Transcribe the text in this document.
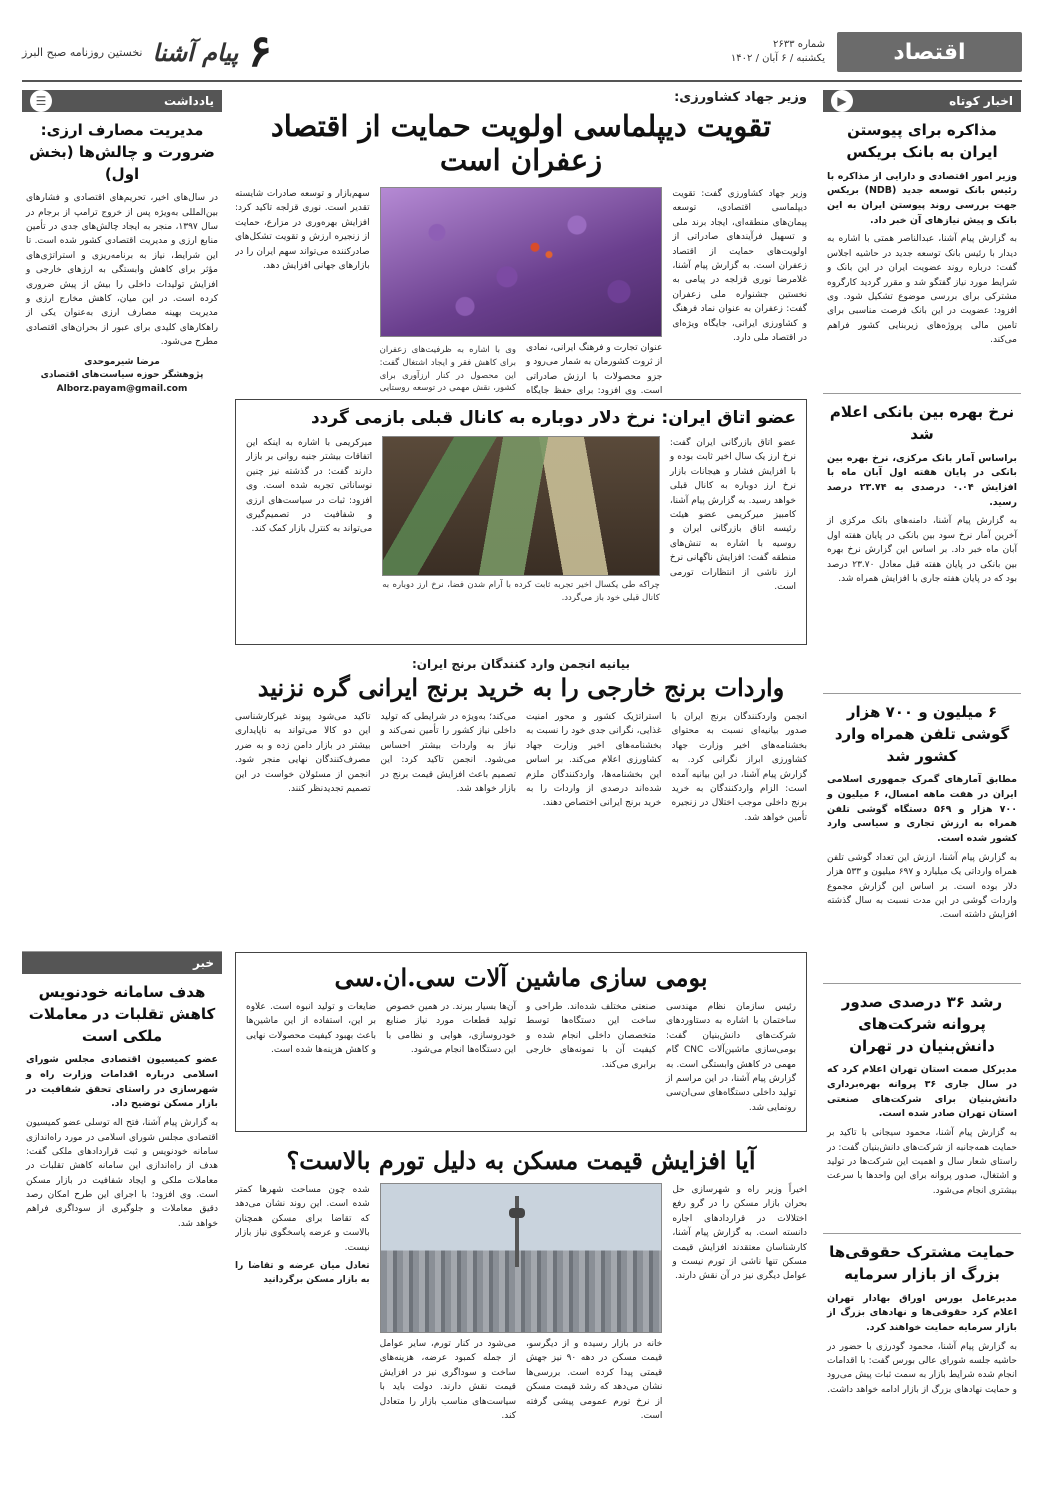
اقتصاد
شماره ۲۶۳۳
یکشنبه / ۶ آبان / ۱۴۰۲
۶
پیام آشنا
نخستین روزنامه صبح البرز
اخبار کوتاه
▶
مذاکره برای پیوستن ایران به بانک بریکس
وزیر امور اقتصادی و دارایی از مذاکره با رئیس بانک توسعه جدید (NDB) بریکس جهت بررسی روند پیوستن ایران به این بانک و پیش نیازهای آن خبر داد.
به گزارش پیام آشنا، عبدالناصر همتی با اشاره به دیدار با رئیس بانک توسعه جدید در حاشیه اجلاس گفت: درباره روند عضویت ایران در این بانک و شرایط مورد نیاز گفتگو شد و مقرر گردید کارگروه مشترکی برای بررسی موضوع تشکیل شود. وی افزود: عضویت در این بانک فرصت مناسبی برای تامین مالی پروژه‌های زیربنایی کشور فراهم می‌کند.
نرخ بهره بین بانکی اعلام شد
براساس آمار بانک مرکزی، نرخ بهره بین بانکی در پایان هفته اول آبان ماه با افزایش ۰.۰۴ درصدی به ۲۳.۷۴ درصد رسید.
به گزارش پیام آشنا، دامنه‌های بانک مرکزی از آخرین آمار نرخ سود بین بانکی در پایان هفته اول آبان ماه خبر داد. بر اساس این گزارش نرخ بهره بین بانکی در پایان هفته قبل معادل ۲۳.۷۰ درصد بود که در پایان هفته جاری با افزایش همراه شد.
۶ میلیون و ۷۰۰ هزار گوشی تلفن همراه وارد کشور شد
مطابق آمارهای گمرک جمهوری اسلامی ایران در هفت ماهه امسال، ۶ میلیون و ۷۰۰ هزار و ۵۶۹ دستگاه گوشی تلفن همراه به ارزش تجاری و سیاسی وارد کشور شده است.
به گزارش پیام آشنا، ارزش این تعداد گوشی تلفن همراه وارداتی یک میلیارد و ۶۹۷ میلیون و ۵۳۳ هزار دلار بوده است. بر اساس این گزارش مجموع واردات گوشی در این مدت نسبت به سال گذشته افزایش داشته است.
رشد ۳۶ درصدی صدور پروانه شرکت‌های دانش‌بنیان در تهران
مدیرکل صمت استان تهران اعلام کرد که در سال جاری ۳۶ پروانه بهره‌برداری دانش‌بنیان برای شرکت‌های صنعتی استان تهران صادر شده است.
به گزارش پیام آشنا، محمود سیجانی با تاکید بر حمایت همه‌جانبه از شرکت‌های دانش‌بنیان گفت: در راستای شعار سال و اهمیت این شرکت‌ها در تولید و اشتغال، صدور پروانه برای این واحدها با سرعت بیشتری انجام می‌شود.
حمایت مشترک حقوقی‌ها بزرگ از بازار سرمایه
مدیرعامل بورس اوراق بهادار تهران اعلام کرد حقوقی‌ها و نهادهای بزرگ از بازار سرمایه حمایت خواهند کرد.
به گزارش پیام آشنا، محمود گودرزی با حضور در حاشیه جلسه شورای عالی بورس گفت: با اقدامات انجام شده شرایط بازار به سمت ثبات پیش می‌رود و حمایت نهادهای بزرگ از بازار ادامه خواهد داشت.
یادداشت
☰
مدیریت مصارف ارزی: ضرورت و چالش‌ها (بخش اول)
در سال‌های اخیر، تحریم‌های اقتصادی و فشارهای بین‌المللی به‌ویژه پس از خروج ترامپ از برجام در سال ۱۳۹۷، منجر به ایجاد چالش‌های جدی در تأمین منابع ارزی و مدیریت اقتصادی کشور شده است. تا این شرایط، نیاز به برنامه‌ریزی و استراتژی‌های مؤثر برای کاهش وابستگی به ارزهای خارجی و افزایش تولیدات داخلی را بیش از پیش ضروری کرده است. در این میان، کاهش مخارج ارزی و مدیریت بهینه مصارف ارزی به‌عنوان یکی از راهکارهای کلیدی برای عبور از بحران‌های اقتصادی مطرح می‌شود.
مرضا شیرموحدی
پژوهشگر حوزه سیاست‌های اقتصادی
Alborz.payam@gmail.com
خبر
هدف سامانه خودنویس کاهش تقلبات در معاملات ملکی است
عضو کمیسیون اقتصادی مجلس شورای اسلامی درباره اقدامات وزارت راه و شهرسازی در راستای تحقق شفافیت در بازار مسکن توضیح داد.
به گزارش پیام آشنا، فتح اله توسلی عضو کمیسیون اقتصادی مجلس شورای اسلامی در مورد راه‌اندازی سامانه خودنویس و ثبت قراردادهای ملکی گفت: هدف از راه‌اندازی این سامانه کاهش تقلبات در معاملات ملکی و ایجاد شفافیت در بازار مسکن است. وی افزود: با اجرای این طرح امکان رصد دقیق معاملات و جلوگیری از سوداگری فراهم خواهد شد.
وزیر جهاد کشاورزی:
تقویت دیپلماسی اولویت حمایت از اقتصاد زعفران است
وزیر جهاد کشاورزی گفت: تقویت دیپلماسی اقتصادی، توسعه پیمان‌های منطقه‌ای، ایجاد برند ملی و تسهیل فرآیندهای صادراتی از اولویت‌های حمایت از اقتصاد زعفران است. به گزارش پیام آشنا، غلامرضا نوری قزلجه در پیامی به نخستین جشنواره ملی زعفران گفت: زعفران به عنوان نماد فرهنگ و کشاورزی ایرانی، جایگاه ویژه‌ای در اقتصاد ملی دارد.
عنوان تجارت و فرهنگ ایرانی، نمادی از ثروت کشورمان به شمار می‌رود و جزو محصولات با ارزش صادراتی است. وی افزود: برای حفظ جایگاه
وی با اشاره به ظرفیت‌های زعفران برای کاهش فقر و ایجاد اشتغال گفت: این محصول در کنار ارزآوری برای کشور، نقش مهمی در توسعه روستایی
سهم‌بازار و توسعه صادرات شایسته تقدیر است. نوری قزلجه تاکید کرد: افزایش بهره‌وری در مزارع، حمایت از زنجیره ارزش و تقویت تشکل‌های صادرکننده می‌تواند سهم ایران را در بازارهای جهانی افزایش دهد.
عضو اتاق ایران: نرخ دلار دوباره به کانال قبلی بازمی گردد
عضو اتاق بازرگانی ایران گفت: نرخ ارز یک سال اخیر ثابت بوده و با افزایش فشار و هیجانات بازار نرخ ارز دوباره به کانال قبلی خواهد رسید. به گزارش پیام آشنا، کامبیز میرکریمی عضو هیئت رئیسه اتاق بازرگانی ایران و روسیه با اشاره به تنش‌های منطقه گفت: افزایش ناگهانی نرخ ارز ناشی از انتظارات تورمی است.
چراکه طی یکسال اخیر تجربه ثابت کرده با آرام شدن فضا، نرخ ارز دوباره به کانال قبلی خود باز می‌گردد.
میرکریمی با اشاره به اینکه این اتفاقات بیشتر جنبه روانی بر بازار دارند گفت: در گذشته نیز چنین نوساناتی تجربه شده است. وی افزود: ثبات در سیاست‌های ارزی و شفافیت در تصمیم‌گیری می‌تواند به کنترل بازار کمک کند.
بیانیه انجمن وارد کنندگان برنج ایران:
واردات برنج خارجی را به خرید برنج ایرانی گره نزنید
انجمن واردکنندگان برنج ایران با صدور بیانیه‌ای نسبت به محتوای بخشنامه‌های اخیر وزارت جهاد کشاورزی ابراز نگرانی کرد. به گزارش پیام آشنا، در این بیانیه آمده است: الزام واردکنندگان به خرید برنج داخلی موجب اختلال در زنجیره تأمین خواهد شد.
استراتژیک کشور و محور امنیت غذایی، نگرانی جدی خود را نسبت به بخشنامه‌های اخیر وزارت جهاد کشاورزی اعلام می‌کند. بر اساس این بخشنامه‌ها، واردکنندگان ملزم شده‌اند درصدی از واردات را به خرید برنج ایرانی اختصاص دهند.
می‌کند؛ به‌ویژه در شرایطی که تولید داخلی نیاز کشور را تأمین نمی‌کند و نیاز به واردات بیشتر احساس می‌شود. انجمن تاکید کرد: این تصمیم باعث افزایش قیمت برنج در بازار خواهد شد.
تاکید می‌شود پیوند غیرکارشناسی این دو کالا می‌تواند به ناپایداری بیشتر در بازار دامن زده و به ضرر مصرف‌کنندگان نهایی منجر شود. انجمن از مسئولان خواست در این تصمیم تجدیدنظر کنند.
بومی سازی ماشین آلات سی.ان.سی
رئیس سازمان نظام مهندسی ساختمان با اشاره به دستاوردهای شرکت‌های دانش‌بنیان گفت: بومی‌سازی ماشین‌آلات CNC گام مهمی در کاهش وابستگی است. به گزارش پیام آشنا، در این مراسم از تولید داخلی دستگاه‌های سی‌ان‌سی رونمایی شد.
صنعتی مختلف شده‌اند. طراحی و ساخت این دستگاه‌ها توسط متخصصان داخلی انجام شده و کیفیت آن با نمونه‌های خارجی برابری می‌کند.
آن‌ها بسیار ببرند. در همین خصوص تولید قطعات مورد نیاز صنایع خودروسازی، هوایی و نظامی با این دستگاه‌ها انجام می‌شود.
ضایعات و تولید انبوه است. علاوه بر این، استفاده از این ماشین‌ها باعث بهبود کیفیت محصولات نهایی و کاهش هزینه‌ها شده است.
آیا افزایش قیمت مسکن به دلیل تورم بالاست؟
اخیراً وزیر راه و شهرسازی حل بحران بازار مسکن را در گرو رفع اختلالات در قراردادهای اجاره دانسته است. به گزارش پیام آشنا، کارشناسان معتقدند افزایش قیمت مسکن تنها ناشی از تورم نیست و عوامل دیگری نیز در آن نقش دارند.
خانه در بازار رسیده و از دیگرسو، قیمت مسکن در دهه ۹۰ نیز جهش قیمتی پیدا کرده است. بررسی‌ها نشان می‌دهد که رشد قیمت مسکن از نرخ تورم عمومی پیشی گرفته است.
می‌شود در کنار تورم، سایر عوامل از جمله کمبود عرضه، هزینه‌های ساخت و سوداگری نیز در افزایش قیمت نقش دارند. دولت باید با سیاست‌های مناسب بازار را متعادل کند.
شده چون مساحت شهرها کمتر شده است. این روند نشان می‌دهد که تقاضا برای مسکن همچنان بالاست و عرضه پاسخگوی نیاز بازار نیست.
تعادل میان عرضه و تقاضا را به بازار مسکن برگردانید
